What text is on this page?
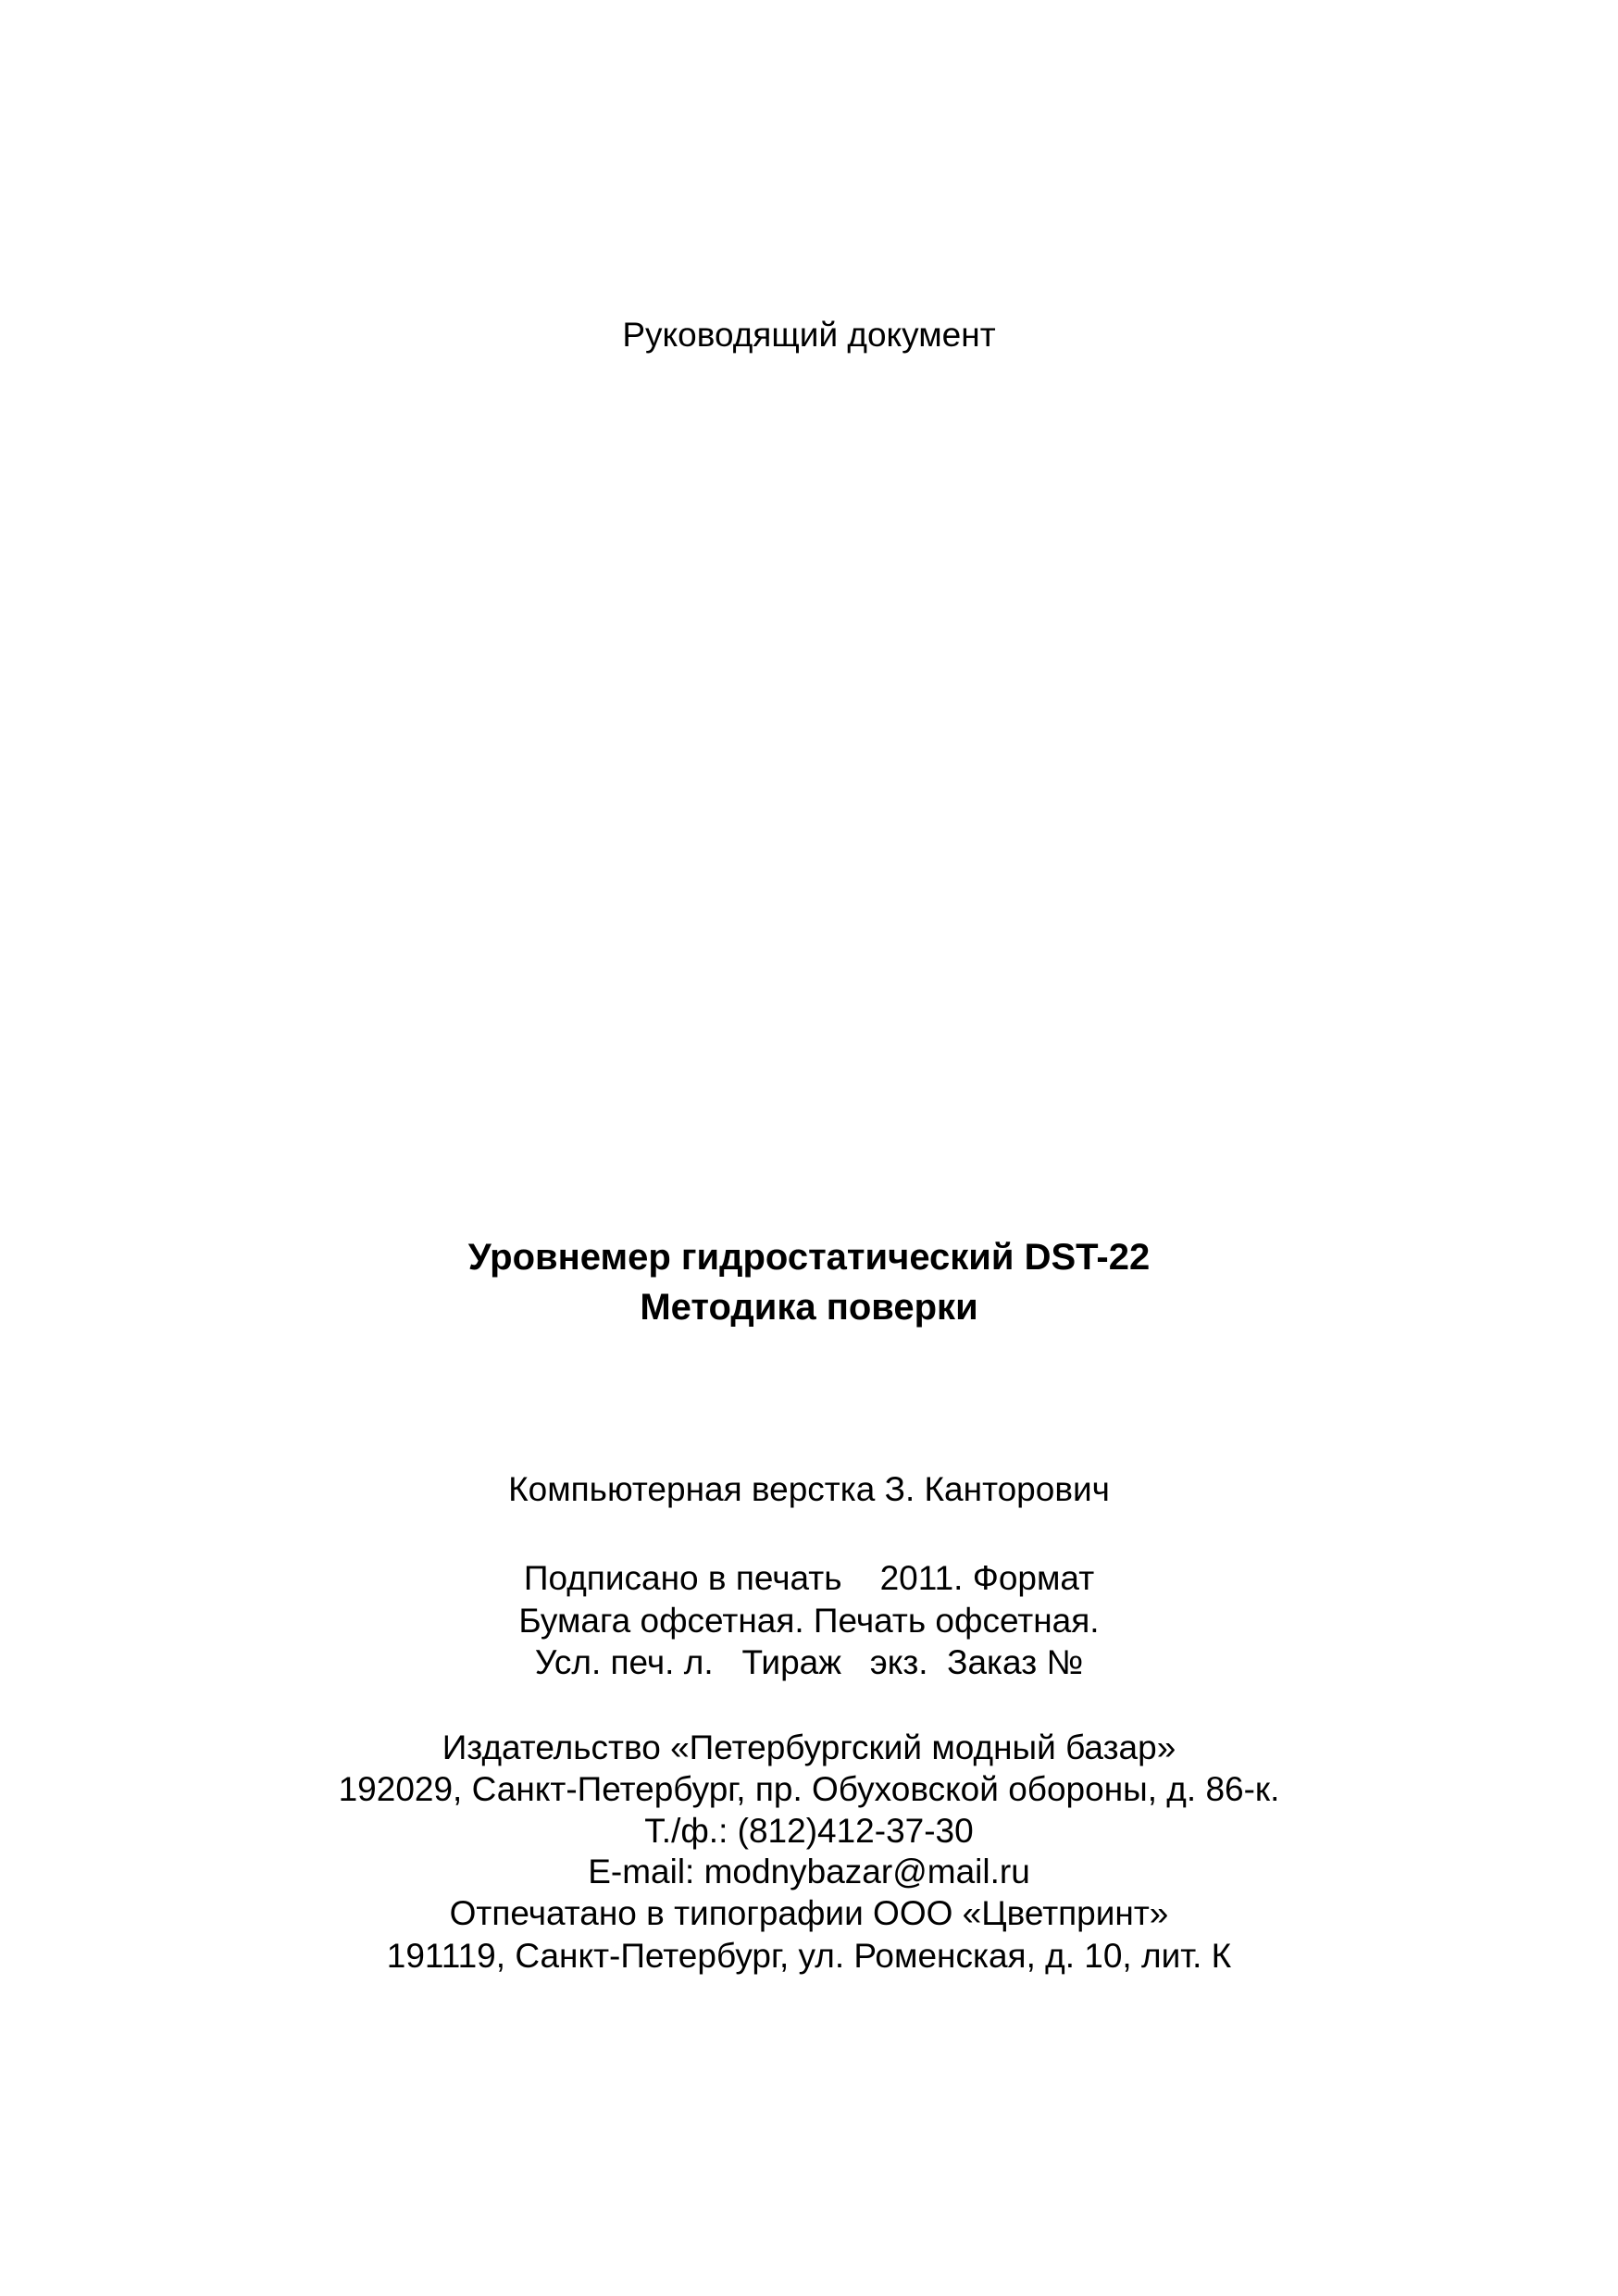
Руководящий документ
Уровнемер гидростатический DST-22
Методика поверки
Компьютерная верстка З. Канторович
Подписано в печать    2011. Формат
Бумага офсетная. Печать офсетная.
Усл. печ. л.   Тираж   экз.  Заказ №
Издательство «Петербургский модный базар»
192029, Санкт-Петербург, пр. Обуховской обороны, д. 86-к.
Т./ф.: (812)412-37-30
E-mail: modnybazar@mail.ru
Отпечатано в типографии ООО «Цветпринт»
191119, Санкт-Петербург, ул. Роменская, д. 10, лит. К
